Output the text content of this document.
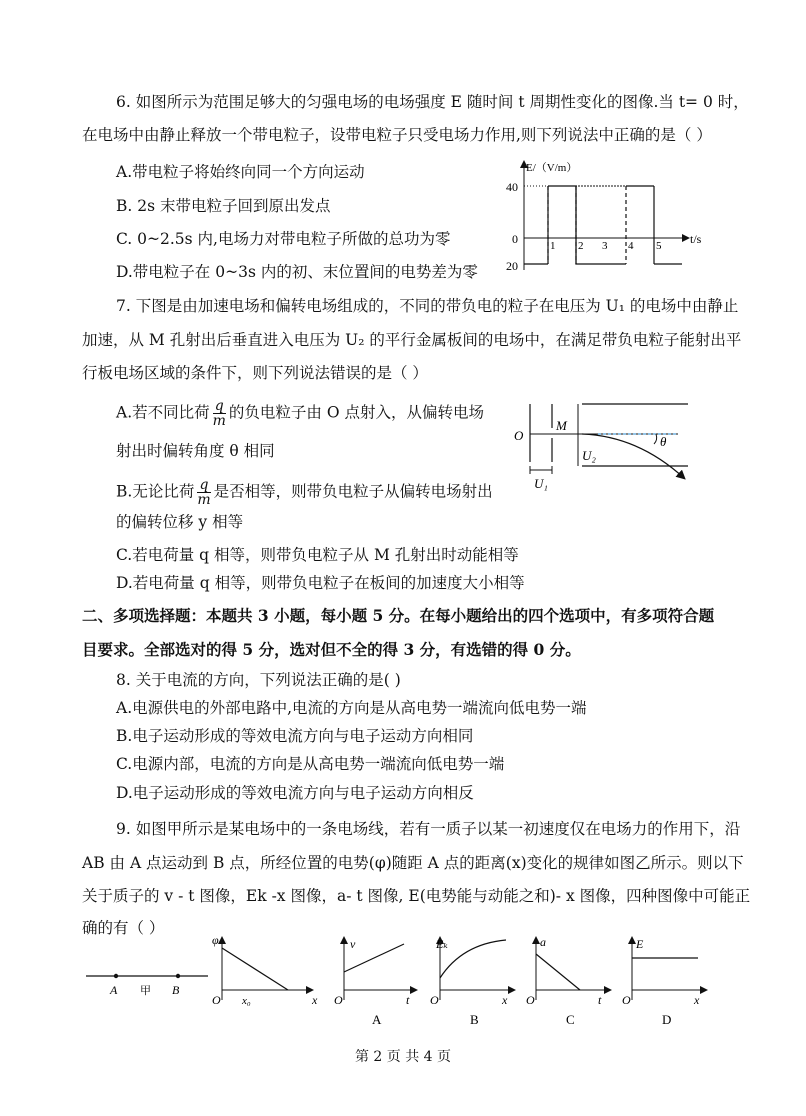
6. 如图所示为范围足够大的匀强电场的电场强度 E 随时间 t 周期性变化的图像.当 t= 0 时，
在电场中由静止释放一个带电粒子，设带电粒子只受电场力作用,则下列说法中正确的是（ ）
A.带电粒子将始终向同一个方向运动
B. 2s 末带电粒子回到原出发点
C. 0~2.5s 内,电场力对带电粒子所做的总功为零
D.带电粒子在 0~3s 内的初、末位置间的电势差为零
E/（V/m）
t/s
0
40
20
1 2 3 4 5
7. 下图是由加速电场和偏转电场组成的，不同的带负电的粒子在电压为 U₁ 的电场中由静止
加速，从 M 孔射出后垂直进入电压为 U₂ 的平行金属板间的电场中，在满足带负电粒子能射出平
行板电场区域的条件下，则下列说法错误的是（ ）
A.若不同比荷 $\frac{q}{m}$ 的负电粒子由 O 点射入，从偏转电场
射出时偏转角度 θ 相同
B.无论比荷 $\frac{q}{m}$ 是否相等，则带负电粒子从偏转电场射出
的偏转位移 y 相等
C.若电荷量 q 相等，则带负电粒子从 M 孔射出时动能相等
D.若电荷量 q 相等，则带负电粒子在板间的加速度大小相等
O
M
U₁
U₂
θ
二、多项选择题：本题共 3 小题，每小题 5 分。在每小题给出的四个选项中，有多项符合题
目要求。全部选对的得 5 分，选对但不全的得 3 分，有选错的得 0 分。
8. 关于电流的方向，下列说法正确的是( )
A.电源供电的外部电路中,电流的方向是从高电势一端流向低电势一端
B.电子运动形成的等效电流方向与电子运动方向相同
C.电源内部，电流的方向是从高电势一端流向低电势一端
D.电子运动形成的等效电流方向与电子运动方向相反
9. 如图甲所示是某电场中的一条电场线，若有一质子以某一初速度仅在电场力的作用下，沿
AB 由 A 点运动到 B 点，所经位置的电势(φ)随距 A 点的距离(x)变化的规律如图乙所示。则以下
关于质子的 v - t 图像，Ek -x 图像，a- t 图像, E(电势能与动能之和)- x 图像，四种图像中可能正
确的有（ ）
A 甲 B
φ
O	x
x₀
v
O	t
A
Eₖ
O	x
B
a
O	t
C
E
O	x
D
第 2 页 共 4 页
